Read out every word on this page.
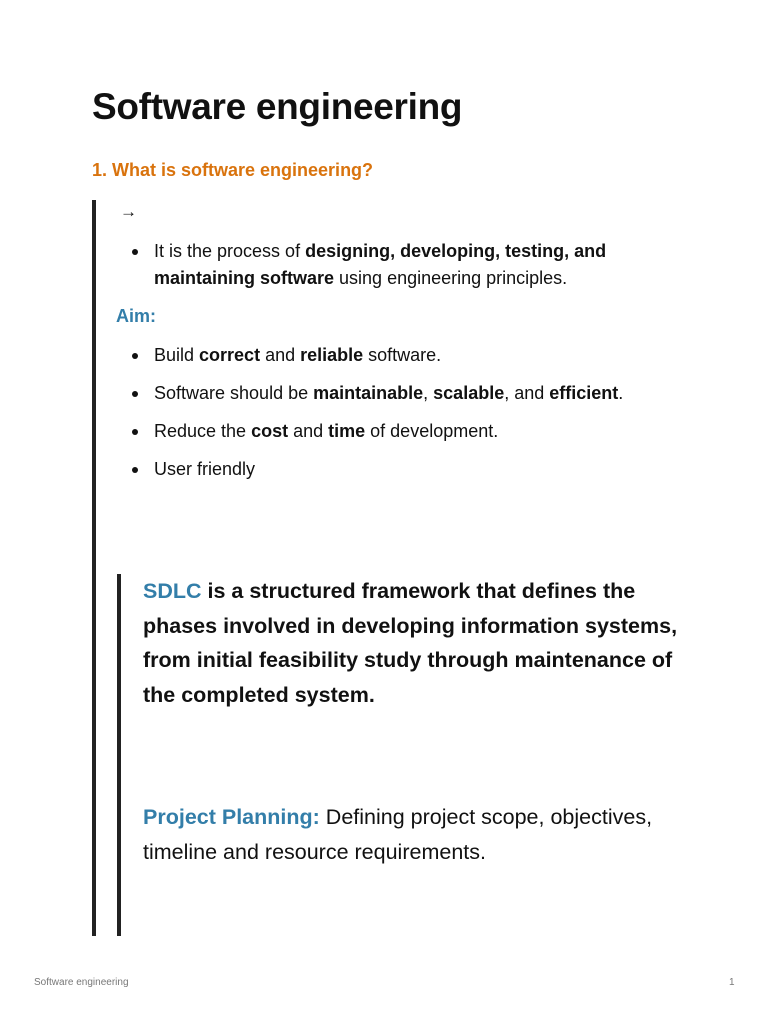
Software engineering
1. What is software engineering?
→
It is the process of designing, developing, testing, and maintaining software using engineering principles.
Aim:
Build correct and reliable software.
Software should be maintainable, scalable, and efficient.
Reduce the cost and time of development.
User friendly

SDLC is a structured framework that defines the phases involved in developing information systems, from initial feasibility study through maintenance of the completed system.

Project Planning: Defining project scope, objectives, timeline and resource requirements.

Software engineering	1
